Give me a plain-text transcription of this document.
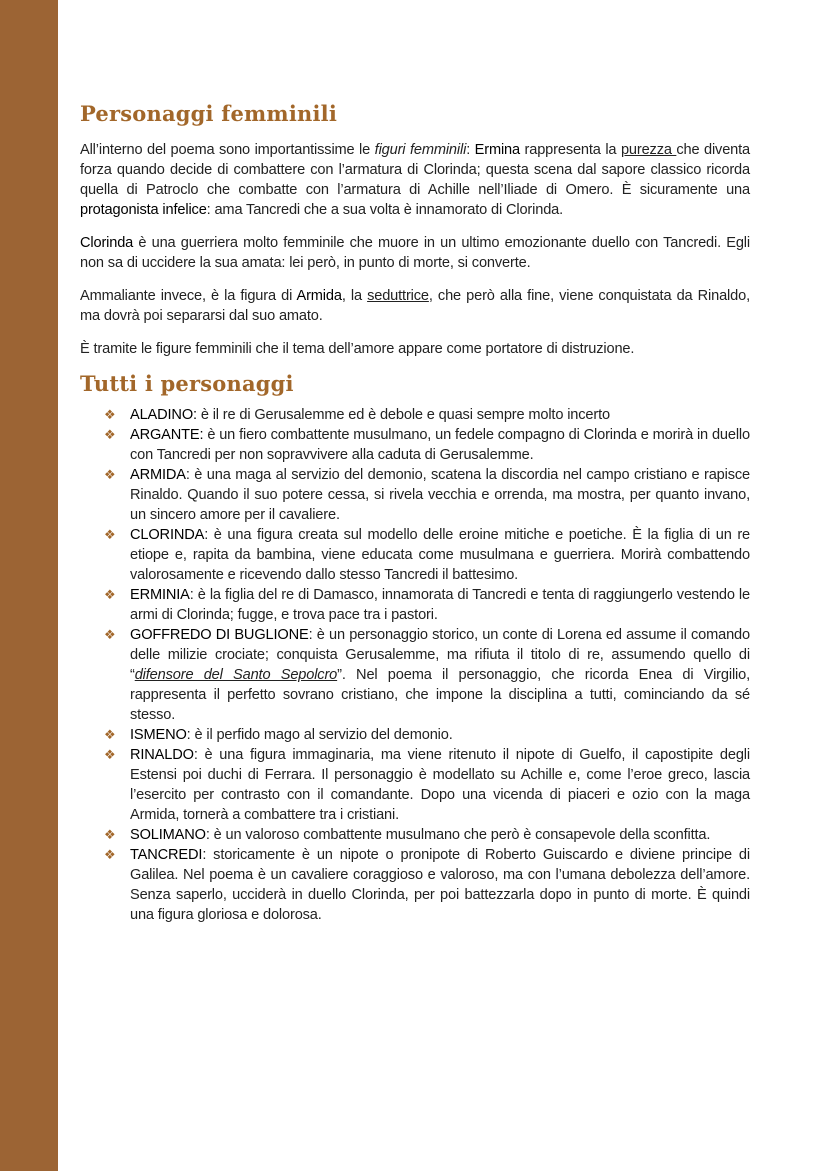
Personaggi femminili

All’interno del poema sono importantissime le figuri femminili: Ermina rappresenta la purezza che diventa forza quando decide di combattere con l’armatura di Clorinda; questa scena dal sapore classico ricorda quella di Patroclo che combatte con l’armatura di Achille nell’Iliade di Omero. È sicuramente una protagonista infelice: ama Tancredi che a sua volta è innamorato di Clorinda.

Clorinda è una guerriera molto femminile che muore in un ultimo emozionante duello con Tancredi. Egli non sa di uccidere la sua amata: lei però, in punto di morte, si converte.

Ammaliante invece, è la figura di Armida, la seduttrice, che però alla fine, viene conquistata da Rinaldo, ma dovrà poi separarsi dal suo amato.

È tramite le figure femminili che il tema dell’amore appare come portatore di distruzione.

Tutti i personaggi
❖ ALADINO: è il re di Gerusalemme ed è debole e quasi sempre molto incerto
❖ ARGANTE: è un fiero combattente musulmano, un fedele compagno di Clorinda e morirà in duello con Tancredi per non sopravvivere alla caduta di Gerusalemme.
❖ ARMIDA: è una maga al servizio del demonio, scatena la discordia nel campo cristiano e rapisce Rinaldo. Quando il suo potere cessa, si rivela vecchia e orrenda, ma mostra, per quanto invano, un sincero amore per il cavaliere.
❖ CLORINDA: è una figura creata sul modello delle eroine mitiche e poetiche. È la figlia di un re etiope e, rapita da bambina, viene educata come musulmana e guerriera. Morirà combattendo valorosamente e ricevendo dallo stesso Tancredi il battesimo.
❖ ERMINIA: è la figlia del re di Damasco, innamorata di Tancredi e tenta di raggiungerlo vestendo le armi di Clorinda; fugge, e trova pace tra i pastori.
❖ GOFFREDO DI BUGLIONE: è un personaggio storico, un conte di Lorena ed assume il comando delle milizie crociate; conquista Gerusalemme, ma rifiuta il titolo di re, assumendo quello di “difensore del Santo Sepolcro”. Nel poema il personaggio, che ricorda Enea di Virgilio, rappresenta il perfetto sovrano cristiano, che impone la disciplina a tutti, cominciando da sé stesso.
❖ ISMENO: è il perfido mago al servizio del demonio.
❖ RINALDO: è una figura immaginaria, ma viene ritenuto il nipote di Guelfo, il capostipite degli Estensi poi duchi di Ferrara. Il personaggio è modellato su Achille e, come l’eroe greco, lascia l’esercito per contrasto con il comandante. Dopo una vicenda di piaceri e ozio con la maga Armida, tornerà a combattere tra i cristiani.
❖ SOLIMANO: è un valoroso combattente musulmano che però è consapevole della sconfitta.
❖ TANCREDI: storicamente è un nipote o pronipote di Roberto Guiscardo e diviene principe di Galilea. Nel poema è un cavaliere coraggioso e valoroso, ma con l’umana debolezza dell’amore. Senza saperlo, ucciderà in duello Clorinda, per poi battezzarla dopo in punto di morte. È quindi una figura gloriosa e dolorosa.
